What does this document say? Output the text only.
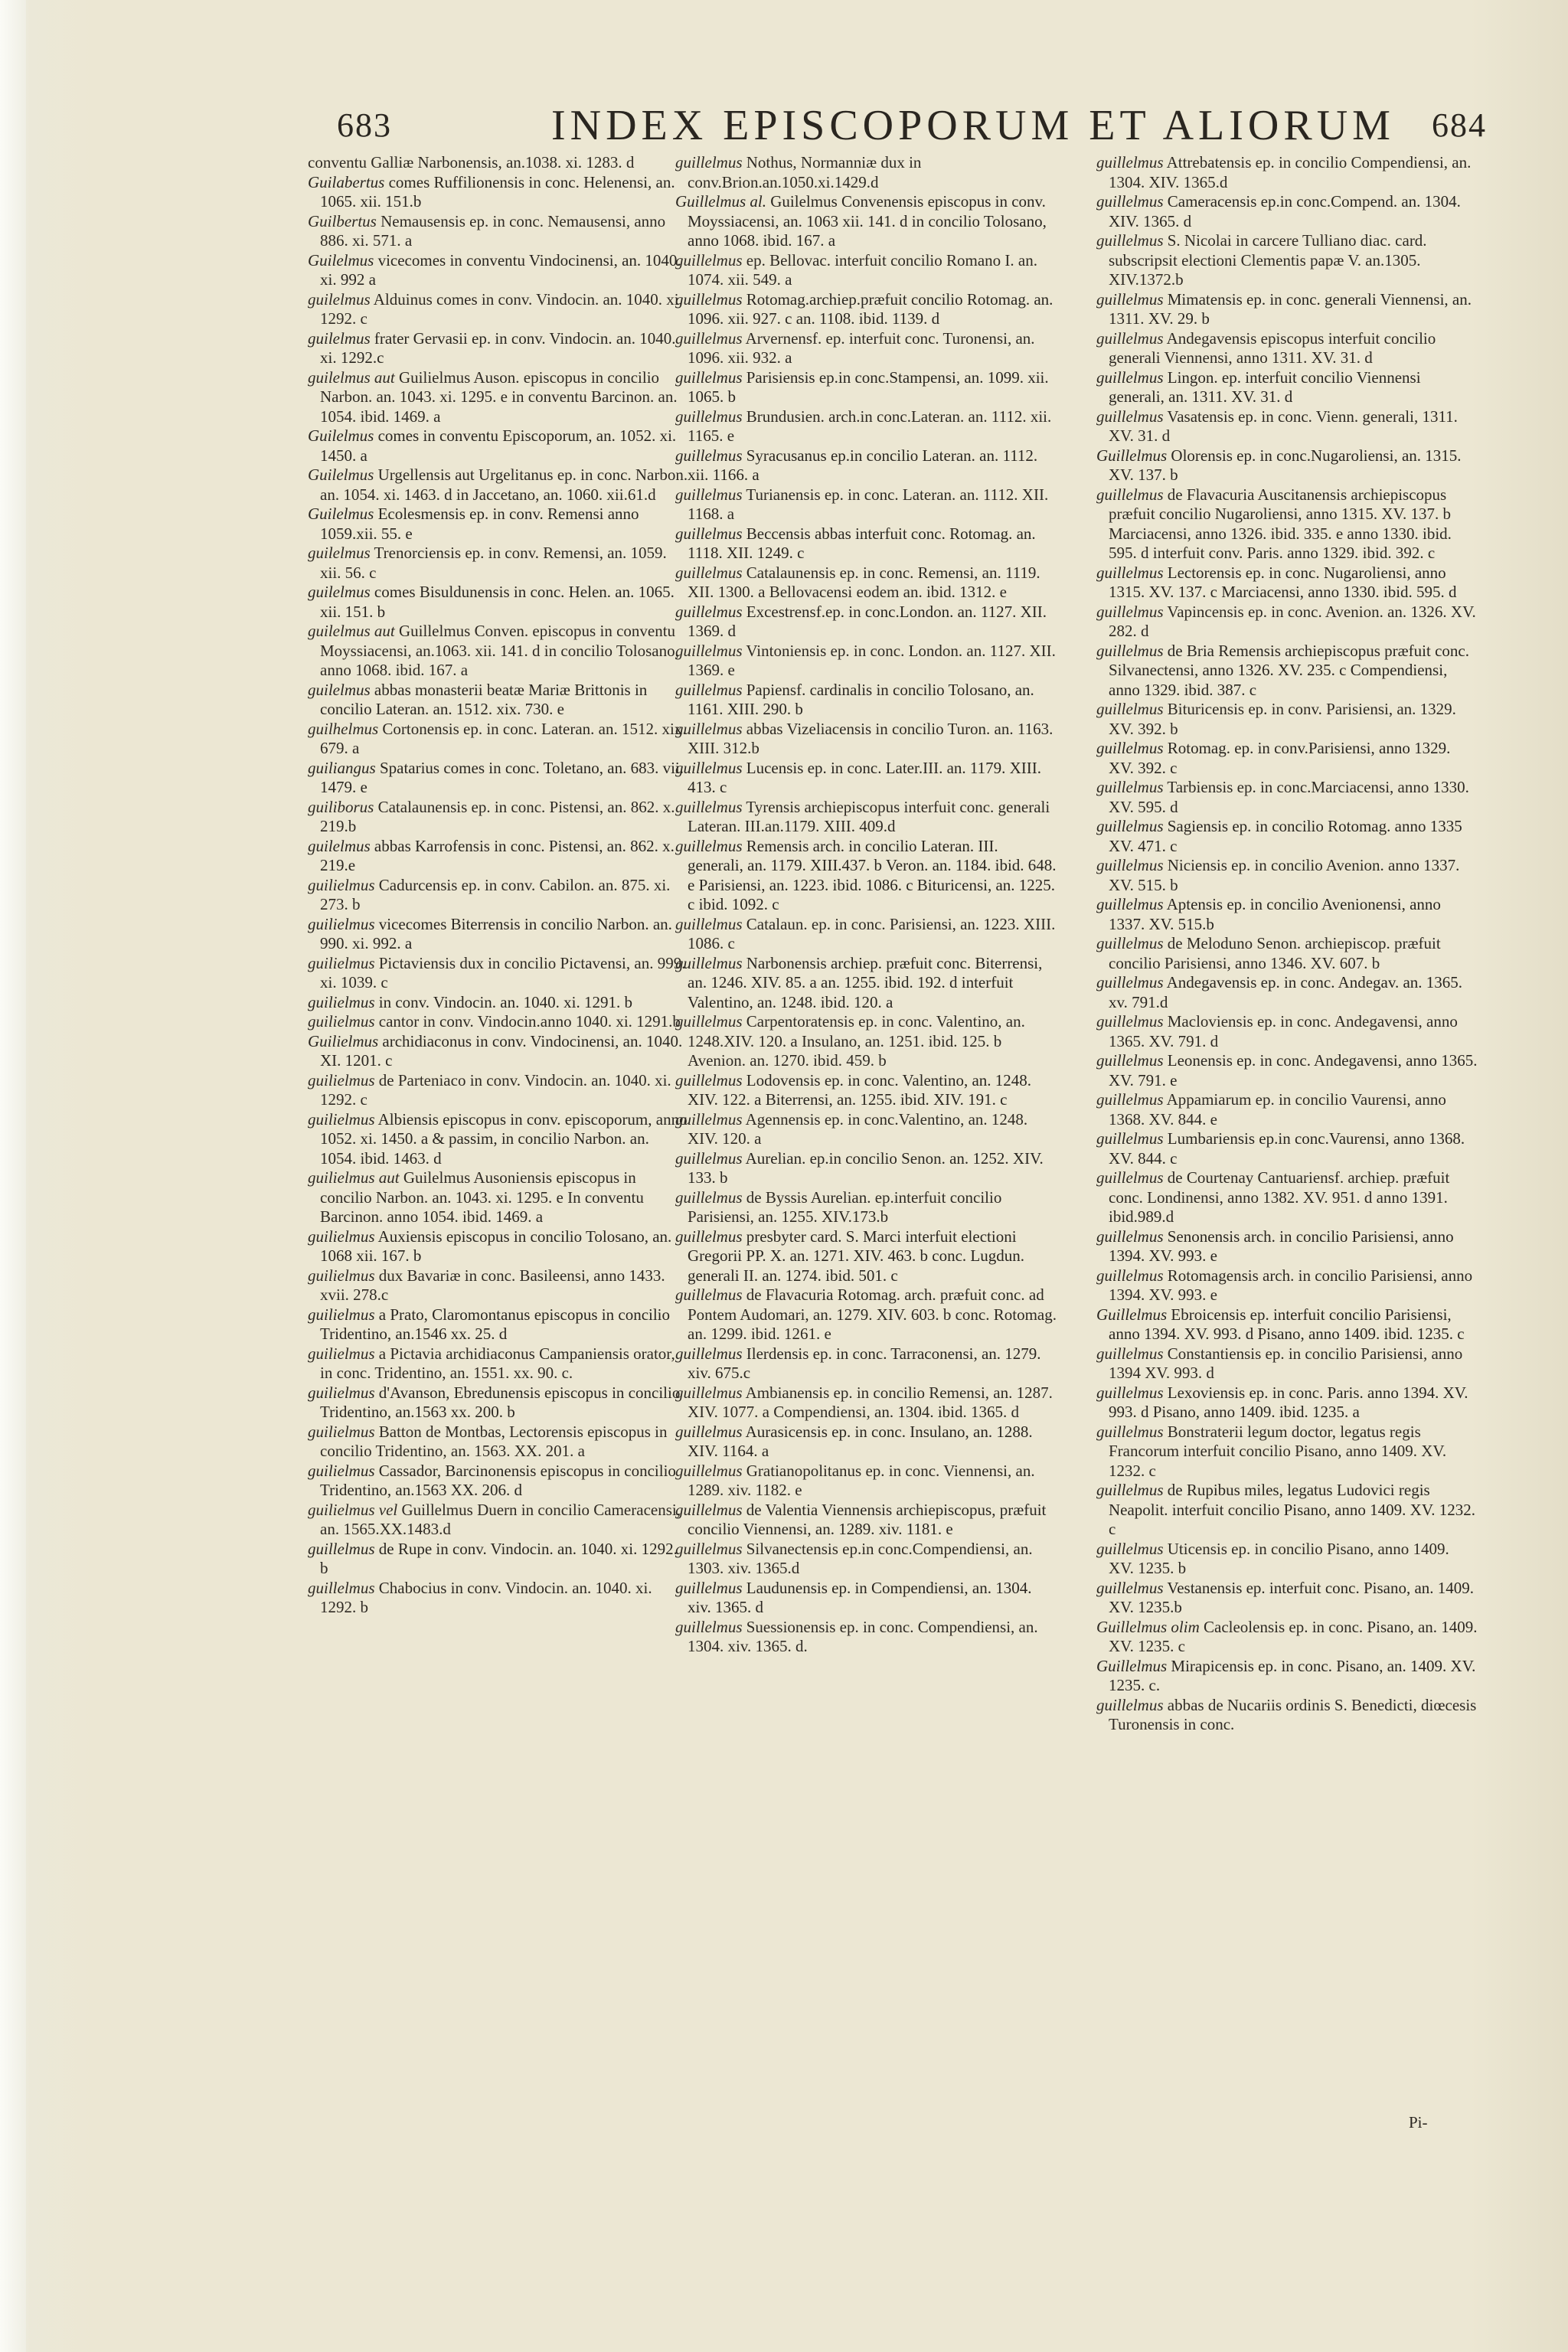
683	INDEX EPISCOPORUM ET ALIORUM 684

conventu Galliæ Narbonensis, an.1038. xi. 1283. d

Guilabertus comes Ruffilionensis in conc. Helenensi, an. 1065. xii. 151.b

Guilbertus Nemausensis ep. in conc. Nemausensi, anno 886. xi. 571. a

Guilelmus vicecomes in conventu Vindocinensi, an. 1040. xi. 992 a

guilelmus Alduinus comes in conv. Vindocin. an. 1040. xi. 1292. c

guilelmus frater Gervasii ep. in conv. Vindocin. an. 1040. xi. 1292.c

guilelmus aut Guilielmus Auson. episcopus in concilio Narbon. an. 1043. xi. 1295. e in conventu Barcinon. an. 1054. ibid. 1469. a

Guilelmus comes in conventu Episcoporum, an. 1052. xi. 1450. a

Guilelmus Urgellensis aut Urgelitanus ep. in conc. Narbon. an. 1054. xi. 1463. d in Jaccetano, an. 1060. xii.61.d

Guilelmus Ecolesmensis ep. in conv. Remensi anno 1059.xii. 55. e

guilelmus Trenorciensis ep. in conv. Remensi, an. 1059. xii. 56. c

guilelmus comes Bisuldunensis in conc. Helen. an. 1065. xii. 151. b

guilelmus aut Guillelmus Conven. episcopus in conventu Moyssiacensi, an.1063. xii. 141. d in concilio Tolosano, anno 1068. ibid. 167. a

guilelmus abbas monasterii beatæ Mariæ Brittonis in concilio Lateran. an. 1512. xix. 730. e

guilhelmus Cortonensis ep. in conc. Lateran. an. 1512. xix. 679. a

guiliangus Spatarius comes in conc. Toletano, an. 683. vii. 1479. e

guiliborus Catalaunensis ep. in conc. Pistensi, an. 862. x. 219.b

guilelmus abbas Karrofensis in conc. Pistensi, an. 862. x. 219.e

guilielmus Cadurcensis ep. in conv. Cabilon. an. 875. xi. 273. b

guilielmus vicecomes Biterrensis in concilio Narbon. an. 990. xi. 992. a

guilielmus Pictaviensis dux in concilio Pictavensi, an. 999. xi. 1039. c

guilielmus in conv. Vindocin. an. 1040. xi. 1291. b

guilielmus cantor in conv. Vindocin.anno 1040. xi. 1291.b

Guilielmus archidiaconus in conv. Vindocinensi, an. 1040. XI. 1201. c

guilielmus de Parteniaco in conv. Vindocin. an. 1040. xi. 1292. c

guilielmus Albiensis episcopus in conv. episcoporum, anno 1052. xi. 1450. a & passim, in concilio Narbon. an. 1054. ibid. 1463. d

guilielmus aut Guilelmus Ausoniensis episcopus in concilio Narbon. an. 1043. xi. 1295. e In conventu Barcinon. anno 1054. ibid. 1469. a

guilielmus Auxiensis episcopus in concilio Tolosano, an. 1068 xii. 167. b

guilielmus dux Bavariæ in conc. Basileensi, anno 1433. xvii. 278.c

guilielmus a Prato, Claromontanus episcopus in concilio Tridentino, an.1546 xx. 25. d

guilielmus a Pictavia archidiaconus Campaniensis orator, in conc. Tridentino, an. 1551. xx. 90. c.

guilielmus d'Avanson, Ebredunensis episcopus in concilio Tridentino, an.1563 xx. 200. b

guilielmus Batton de Montbas, Lectorensis episcopus in concilio Tridentino, an. 1563. XX. 201. a

guilielmus Cassador, Barcinonensis episcopus in concilio Tridentino, an.1563 XX. 206. d

guilielmus vel Guillelmus Duern in concilio Cameracensi, an. 1565.XX.1483.d

guillelmus de Rupe in conv. Vindocin. an. 1040. xi. 1292. b

guillelmus Chabocius in conv. Vindocin. an. 1040. xi. 1292. b

guillelmus Nothus, Normanniæ dux in conv.Brion.an.1050.xi.1429.d

Guillelmus al. Guilelmus Convenensis episcopus in conv. Moyssiacensi, an. 1063 xii. 141. d in concilio Tolosano, anno 1068. ibid. 167. a

guillelmus ep. Bellovac. interfuit concilio Romano I. an. 1074. xii. 549. a

guillelmus Rotomag.archiep.præfuit concilio Rotomag. an. 1096. xii. 927. c an. 1108. ibid. 1139. d

guillelmus Arvernensf. ep. interfuit conc. Turonensi, an. 1096. xii. 932. a

guillelmus Parisiensis ep.in conc.Stampensi, an. 1099. xii. 1065. b

guillelmus Brundusien. arch.in conc.Lateran. an. 1112. xii. 1165. e

guillelmus Syracusanus ep.in concilio Lateran. an. 1112. xii. 1166. a

guillelmus Turianensis ep. in conc. Lateran. an. 1112. XII. 1168. a

guillelmus Beccensis abbas interfuit conc. Rotomag. an. 1118. XII. 1249. c

guillelmus Catalaunensis ep. in conc. Remensi, an. 1119. XII. 1300. a Bellovacensi eodem an. ibid. 1312. e

guillelmus Excestrensf.ep. in conc.London. an. 1127. XII. 1369. d

guillelmus Vintoniensis ep. in conc. London. an. 1127. XII. 1369. e

guillelmus Papiensf. cardinalis in concilio Tolosano, an. 1161. XIII. 290. b

guillelmus abbas Vizeliacensis in concilio Turon. an. 1163. XIII. 312.b

guillelmus Lucensis ep. in conc. Later.III. an. 1179. XIII. 413. c

guillelmus Tyrensis archiepiscopus interfuit conc. generali Lateran. III.an.1179. XIII. 409.d

guillelmus Remensis arch. in concilio Lateran. III. generali, an. 1179. XIII.437. b Veron. an. 1184. ibid. 648. e Parisiensi, an. 1223. ibid. 1086. c Bituricensi, an. 1225. c ibid. 1092. c

guillelmus Catalaun. ep. in conc. Parisiensi, an. 1223. XIII. 1086. c

guillelmus Narbonensis archiep. præfuit conc. Biterrensi, an. 1246. XIV. 85. a an. 1255. ibid. 192. d interfuit Valentino, an. 1248. ibid. 120. a

guillelmus Carpentoratensis ep. in conc. Valentino, an. 1248.XIV. 120. a Insulano, an. 1251. ibid. 125. b Avenion. an. 1270. ibid. 459. b

guillelmus Lodovensis ep. in conc. Valentino, an. 1248. XIV. 122. a Biterrensi, an. 1255. ibid. XIV. 191. c

guillelmus Agennensis ep. in conc.Valentino, an. 1248. XIV. 120. a

guillelmus Aurelian. ep.in concilio Senon. an. 1252. XIV. 133. b

guillelmus de Byssis Aurelian. ep.interfuit concilio Parisiensi, an. 1255. XIV.173.b

guillelmus presbyter card. S. Marci interfuit electioni Gregorii PP. X. an. 1271. XIV. 463. b conc. Lugdun. generali II. an. 1274. ibid. 501. c

guillelmus de Flavacuria Rotomag. arch. præfuit conc. ad Pontem Audomari, an. 1279. XIV. 603. b conc. Rotomag. an. 1299. ibid. 1261. e

guillelmus Ilerdensis ep. in conc. Tarraconensi, an. 1279. xiv. 675.c

guillelmus Ambianensis ep. in concilio Remensi, an. 1287. XIV. 1077. a Compendiensi, an. 1304. ibid. 1365. d

guillelmus Aurasicensis ep. in conc. Insulano, an. 1288. XIV. 1164. a

guillelmus Gratianopolitanus ep. in conc. Viennensi, an. 1289. xiv. 1182. e

guillelmus de Valentia Viennensis archiepiscopus, præfuit concilio Viennensi, an. 1289. xiv. 1181. e

guillelmus Silvanectensis ep.in conc.Compendiensi, an. 1303. xiv. 1365.d

guillelmus Laudunensis ep. in Compendiensi, an. 1304. xiv. 1365. d

guillelmus Suessionensis ep. in conc. Compendiensi, an. 1304. xiv. 1365. d.

guillelmus Attrebatensis ep. in concilio Compendiensi, an. 1304. XIV. 1365.d

guillelmus Cameracensis ep.in conc.Compend. an. 1304. XIV. 1365. d

guillelmus S. Nicolai in carcere Tulliano diac. card. subscripsit electioni Clementis papæ V. an.1305. XIV.1372.b

guillelmus Mimatensis ep. in conc. generali Viennensi, an. 1311. XV. 29. b

guillelmus Andegavensis episcopus interfuit concilio generali Viennensi, anno 1311. XV. 31. d

guillelmus Lingon. ep. interfuit concilio Viennensi generali, an. 1311. XV. 31. d

guillelmus Vasatensis ep. in conc. Vienn. generali, 1311. XV. 31. d

Guillelmus Olorensis ep. in conc.Nugaroliensi, an. 1315. XV. 137. b

guillelmus de Flavacuria Auscitanensis archiepiscopus præfuit concilio Nugaroliensi, anno 1315. XV. 137. b Marciacensi, anno 1326. ibid. 335. e anno 1330. ibid. 595. d interfuit conv. Paris. anno 1329. ibid. 392. c

guillelmus Lectorensis ep. in conc. Nugaroliensi, anno 1315. XV. 137. c Marciacensi, anno 1330. ibid. 595. d

guillelmus Vapincensis ep. in conc. Avenion. an. 1326. XV. 282. d

guillelmus de Bria Remensis archiepiscopus præfuit conc. Silvanectensi, anno 1326. XV. 235. c Compendiensi, anno 1329. ibid. 387. c

guillelmus Bituricensis ep. in conv. Parisiensi, an. 1329. XV. 392. b

guillelmus Rotomag. ep. in conv.Parisiensi, anno 1329. XV. 392. c

guillelmus Tarbiensis ep. in conc.Marciacensi, anno 1330. XV. 595. d

guillelmus Sagiensis ep. in concilio Rotomag. anno 1335 XV. 471. c

guillelmus Niciensis ep. in concilio Avenion. anno 1337. XV. 515. b

guillelmus Aptensis ep. in concilio Avenionensi, anno 1337. XV. 515.b

guillelmus de Meloduno Senon. archiepiscop. præfuit concilio Parisiensi, anno 1346. XV. 607. b

guillelmus Andegavensis ep. in conc. Andegav. an. 1365. xv. 791.d

guillelmus Macloviensis ep. in conc. Andegavensi, anno 1365. XV. 791. d

guillelmus Leonensis ep. in conc. Andegavensi, anno 1365. XV. 791. e

guillelmus Appamiarum ep. in concilio Vaurensi, anno 1368. XV. 844. e

guillelmus Lumbariensis ep.in conc.Vaurensi, anno 1368. XV. 844. c

guillelmus de Courtenay Cantuariensf. archiep. præfuit conc. Londinensi, anno 1382. XV. 951. d anno 1391. ibid.989.d

guillelmus Senonensis arch. in concilio Parisiensi, anno 1394. XV. 993. e

guillelmus Rotomagensis arch. in concilio Parisiensi, anno 1394. XV. 993. e

Guillelmus Ebroicensis ep. interfuit concilio Parisiensi, anno 1394. XV. 993. d Pisano, anno 1409. ibid. 1235. c

guillelmus Constantiensis ep. in concilio Parisiensi, anno 1394 XV. 993. d

guillelmus Lexoviensis ep. in conc. Paris. anno 1394. XV. 993. d Pisano, anno 1409. ibid. 1235. a

guillelmus Bonstraterii legum doctor, legatus regis Francorum interfuit concilio Pisano, anno 1409. XV. 1232. c

guillelmus de Rupibus miles, legatus Ludovici regis Neapolit. interfuit concilio Pisano, anno 1409. XV. 1232. c

guillelmus Uticensis ep. in concilio Pisano, anno 1409. XV. 1235. b

guillelmus Vestanensis ep. interfuit conc. Pisano, an. 1409. XV. 1235.b

Guillelmus olim Cacleolensis ep. in conc. Pisano, an. 1409. XV. 1235. c

Guillelmus Mirapicensis ep. in conc. Pisano, an. 1409. XV. 1235. c.

guillelmus abbas de Nucariis ordinis S. Benedicti, diœcesis Turonensis in conc.

Pi-
